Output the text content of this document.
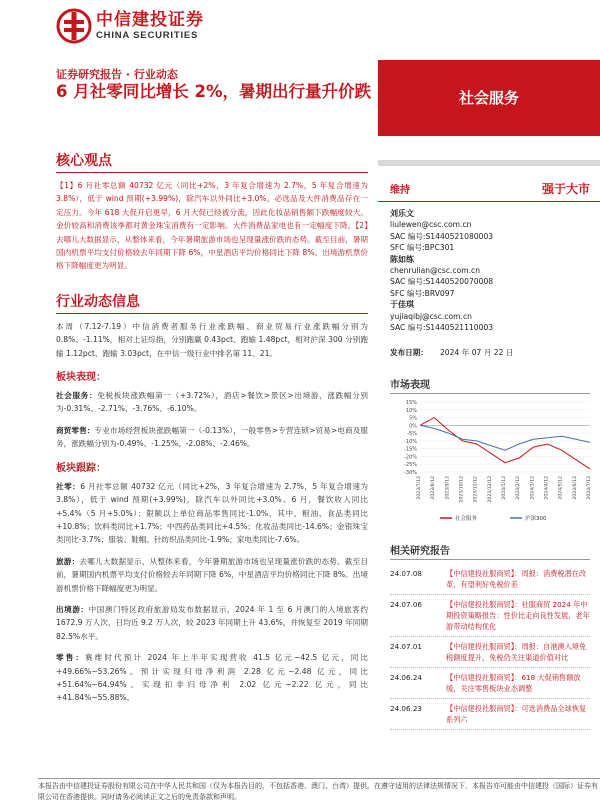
中信建投证券
CHINA SECURITIES
证券研究报告 · 行业动态
6 月社零同比增长 2%，暑期出行量升价跌	社会服务
核心观点
【1】6 月社零总额 40732 亿元（同比+2%，3 年复合增速为 2.7%，5 年复合增速为 3.8%），低于 wind 预期(+3.99%)，除汽车以外同比+3.0%。必选品及大件消费品存在一定压力。今年 618 大促开启更早，6 月大促已经被分流，因此化妆品销售额下跌幅度较大。金价较高和消费该季都对黄金珠宝消费有一定影响。大件消费品家电也有一定幅度下降。【2】去哪儿大数据显示，从整体来看，今年暑期旅游市场也呈现量涨价跌的态势。截至目前，暑期国内机票平均支付价格较去年同期下降 6%，中星酒店平均价格同比下降 8%。出境游机票价格下降幅度更为明显。
行业动态信息
本周（7.12-7.19）中信消费者服务行业涨跌幅、商业贸易行业涨跌幅分别为 0.8%、-1.11%，相对上证综指，分别跑赢 0.43pct、跑输 1.48pct，相对沪深 300 分别跑输 1.12pct、跑输 3.03pct，在中信一级行业中排名第 11、21。
板块表现：
社会服务：免税板块涨跌幅第一（+3.72%），酒店>餐饮>景区>出境游，涨跌幅分别为-0.31%、-2.71%、-3.76%、-6.10%。
商贸零售：专业市场经营板块涨跌幅第一（-0.13%），一般零售>专营连锁>贸易>电商及服务，涨跌幅分别为-0.49%、-1.25%、-2.08%、-2.46%。
板块跟踪：
社零：6 月社零总额 40732 亿元（同比+2%，3 年复合增速为 2.7%，5 年复合增速为 3.8%），低于 wind 预期(+3.99%)，除汽车以外同比+3.0%。6 月，餐饮收入同比+5.4%（5 月+5.0%）；限额以上单位商品零售同比-1.0%，其中，粮油、食品类同比+10.8%；饮料类同比+1.7%；中西药品类同比+4.5%；化妆品类同比-14.6%；金银珠宝类同比-3.7%；服装、鞋帽、针纺织品类同比-1.9%；家电类同比-7.6%。
旅游：去哪儿大数据显示，从整体来看，今年暑期旅游市场也呈现量涨价跌的态势。截至目前，暑期国内机票平均支付价格较去年同期下降 6%，中星酒店平均价格同比下降 8%。出境游机票价格下降幅度更为明显。
出境游：中国澳门特区政府旅游局发布数据显示，2024 年 1 至 6 月澳门的入境旅客约 1672.9 万人次，日均近 9.2 万人次，较 2023 年同期上升 43.6%，并恢复至 2019 年同期 82.5%水平。
零售：赛维时代预计 2024 年上半年实现营收 41.5 亿元~42.5 亿元，同比+49.66%~53.26%。预计实现归母净利润 2.28 亿元~2.48 亿元，同比+51.64%~64.94%。实现扣非归母净利 2.02 亿元~2.22 亿元，同比+41.84%~55.88%。
维持	强于大市
刘乐文
liulewen@csc.com.cn
SAC 编号:S1440521080003
SFC 编号:BPC301
陈如练
chenrulian@csc.com.cn
SAC 编号:S1440520070008
SFC 编号:BRV097
于佳琪
yujiaqibj@csc.com.cn
SAC 编号:S1440521110003
发布日期： 2024 年 07 月 22 日
市场表现
15%
10%
5%
0%
-5%
-10%
-15%
-20%
-25%
-30%
2023/7/12 2023/8/12 2023/9/12 2023/10/12 2023/11/12 2023/12/12 2024/1/12 2024/2/12 2024/3/12 2024/4/12 2024/5/12 2024/6/12 2024/7/12
社会服务	沪深300
相关研究报告
24.07.08	【中信建投社服商贸】：周报：消费税潜在改革，有望利好免税价差
24.07.06	【中信建投社服商贸】：社服商贸 2024 年中期投资策略报告：性价比走向良性发展，老年游带动结构优化
24.07.01	【中信建投社服商贸】：周报：自港澳入境免税额度提升，免税仍关注渠道价值对比
24.06.24	【中信建投社服商贸】：618 大促销售额放缓，关注零售板块业态调整
24.06.23	【中信建投社服商贸】：可选消费品全球恢复系列六
本报告由中信建投证券股份有限公司在中华人民共和国（仅为本报告目的，不包括香港、澳门、台湾）提供。在遵守适用的法律法规情况下，本报告亦可能由中信建投（国际）证券有限公司在香港提供。同时请务必阅读正文之后的免责条款和声明。
